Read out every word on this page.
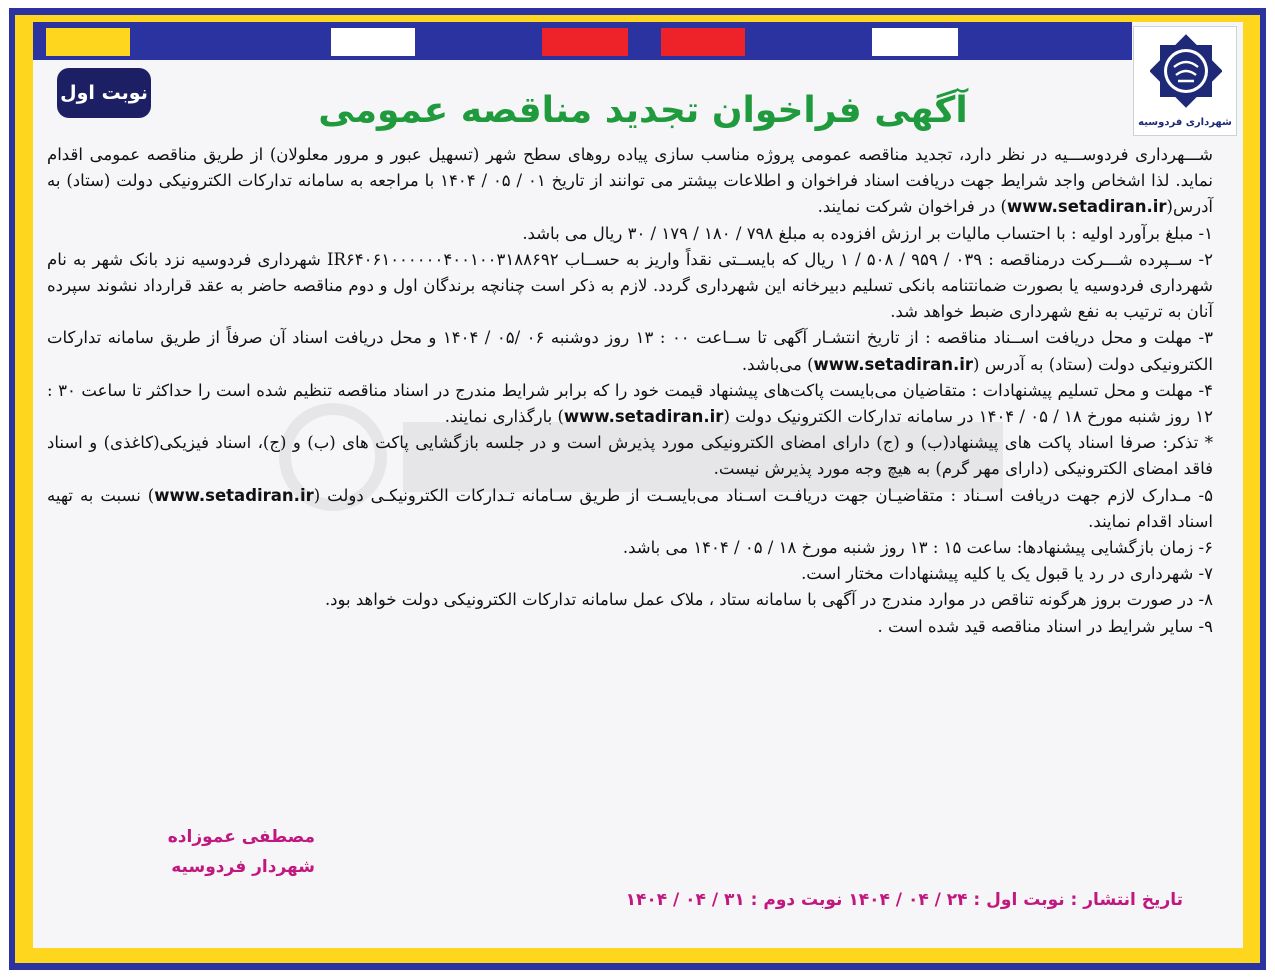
شهرداری فردوسیه
نوبت اول	آگهی فراخوان تجدید مناقصه عمومی

شـــهرداری فردوســـیه در نظر دارد، تجدید مناقصه عمومی پروژه مناسب سازی پیاده روهای سطح شهر (تسهیل عبور و مرور معلولان) از طریق مناقصه عمومی اقدام نماید. لذا اشخاص واجد شرایط جهت دریافت اسناد فراخوان و اطلاعات بیشتر می توانند از تاریخ ۰۱ / ۰۵ / ۱۴۰۴ با مراجعه به سامانه تدارکات الکترونیکی دولت (ستاد) به آدرس(www.setadiran.ir) در فراخوان شرکت نمایند.

۱- مبلغ برآورد اولیه : با احتساب مالیات بر ارزش افزوده به مبلغ ۷۹۸ / ۱۸۰ / ۱۷۹ / ۳۰ ریال می باشد.

۲- ســپرده شـــرکت درمناقصه : ۰۳۹ / ۹۵۹ / ۵۰۸ / ۱ ریال که بایســتی نقداً واریز به حســاب IR۶۴۰۶۱۰۰۰۰۰۰۴۰۰۱۰۰۳۱۸۸۶۹۲ شهرداری فردوسیه نزد بانک شهر به نام شهرداری فردوسیه یا بصورت ضمانتنامه بانکی تسلیم دبیرخانه این شهرداری گردد. لازم به ذکر است چنانچه برندگان اول و دوم مناقصه حاضر به عقد قرارداد نشوند سپرده آنان به ترتیب به نفع شهرداری ضبط خواهد شد.

۳- مهلت و محل دریافت اســناد مناقصه : از تاریخ انتشـار آگهی تا ســاعت ۰۰ : ۱۳ روز دوشنبه ۰۶ /۰۵ / ۱۴۰۴ و محل دریافت اسناد آن صرفاً از طریق سامانه تدارکات الکترونیکی دولت (ستاد) به آدرس (www.setadiran.ir) می‌باشد.

۴- مهلت و محل تسلیم پیشنهادات : متقاضیان می‌بایست پاکت‌های پیشنهاد قیمت خود را که برابر شرایط مندرج در اسناد مناقصه تنظیم شده است را حداکثر تا ساعت ۳۰ : ۱۲ روز شنبه مورخ ۱۸ / ۰۵ / ۱۴۰۴ در سامانه تدارکات الکترونیک دولت (www.setadiran.ir) بارگذاری نمایند.

* تذکر: صرفا اسناد پاکت های پیشنهاد(ب) و (ج) دارای امضای الکترونیکی مورد پذیرش است و در جلسه بازگشایی پاکت های (ب) و (ج)، اسناد فیزیکی(کاغذی) و اسناد فاقد امضای الکترونیکی (دارای مهر گرم) به هیچ وجه مورد پذیرش نیست.

۵- مـدارک لازم جهت دریافت اسـناد : متقاضیـان جهت دریافـت اسـناد می‌بایسـت از طریق سـامانه تـدارکات الکترونیکـی دولت (www.setadiran.ir) نسبت به تهیه اسناد اقدام نمایند.

۶- زمان بازگشایی پیشنهادها: ساعت ۱۵ : ۱۳ روز شنبه مورخ ۱۸ / ۰۵ / ۱۴۰۴ می باشد.

۷- شهرداری در رد یا قبول یک یا کلیه پیشنهادات مختار است.

۸- در صورت بروز هرگونه تناقص در موارد مندرج در آگهی با سامانه ستاد ، ملاک عمل سامانه تدارکات الکترونیکی دولت خواهد بود.

۹- سایر شرایط در اسناد مناقصه قید شده است .

مصطفی عموزاده
شهردار فردوسیه
تاریخ انتشار : نوبت اول : ۲۴ / ۰۴ / ۱۴۰۴ نوبت دوم : ۳۱ / ۰۴ / ۱۴۰۴
